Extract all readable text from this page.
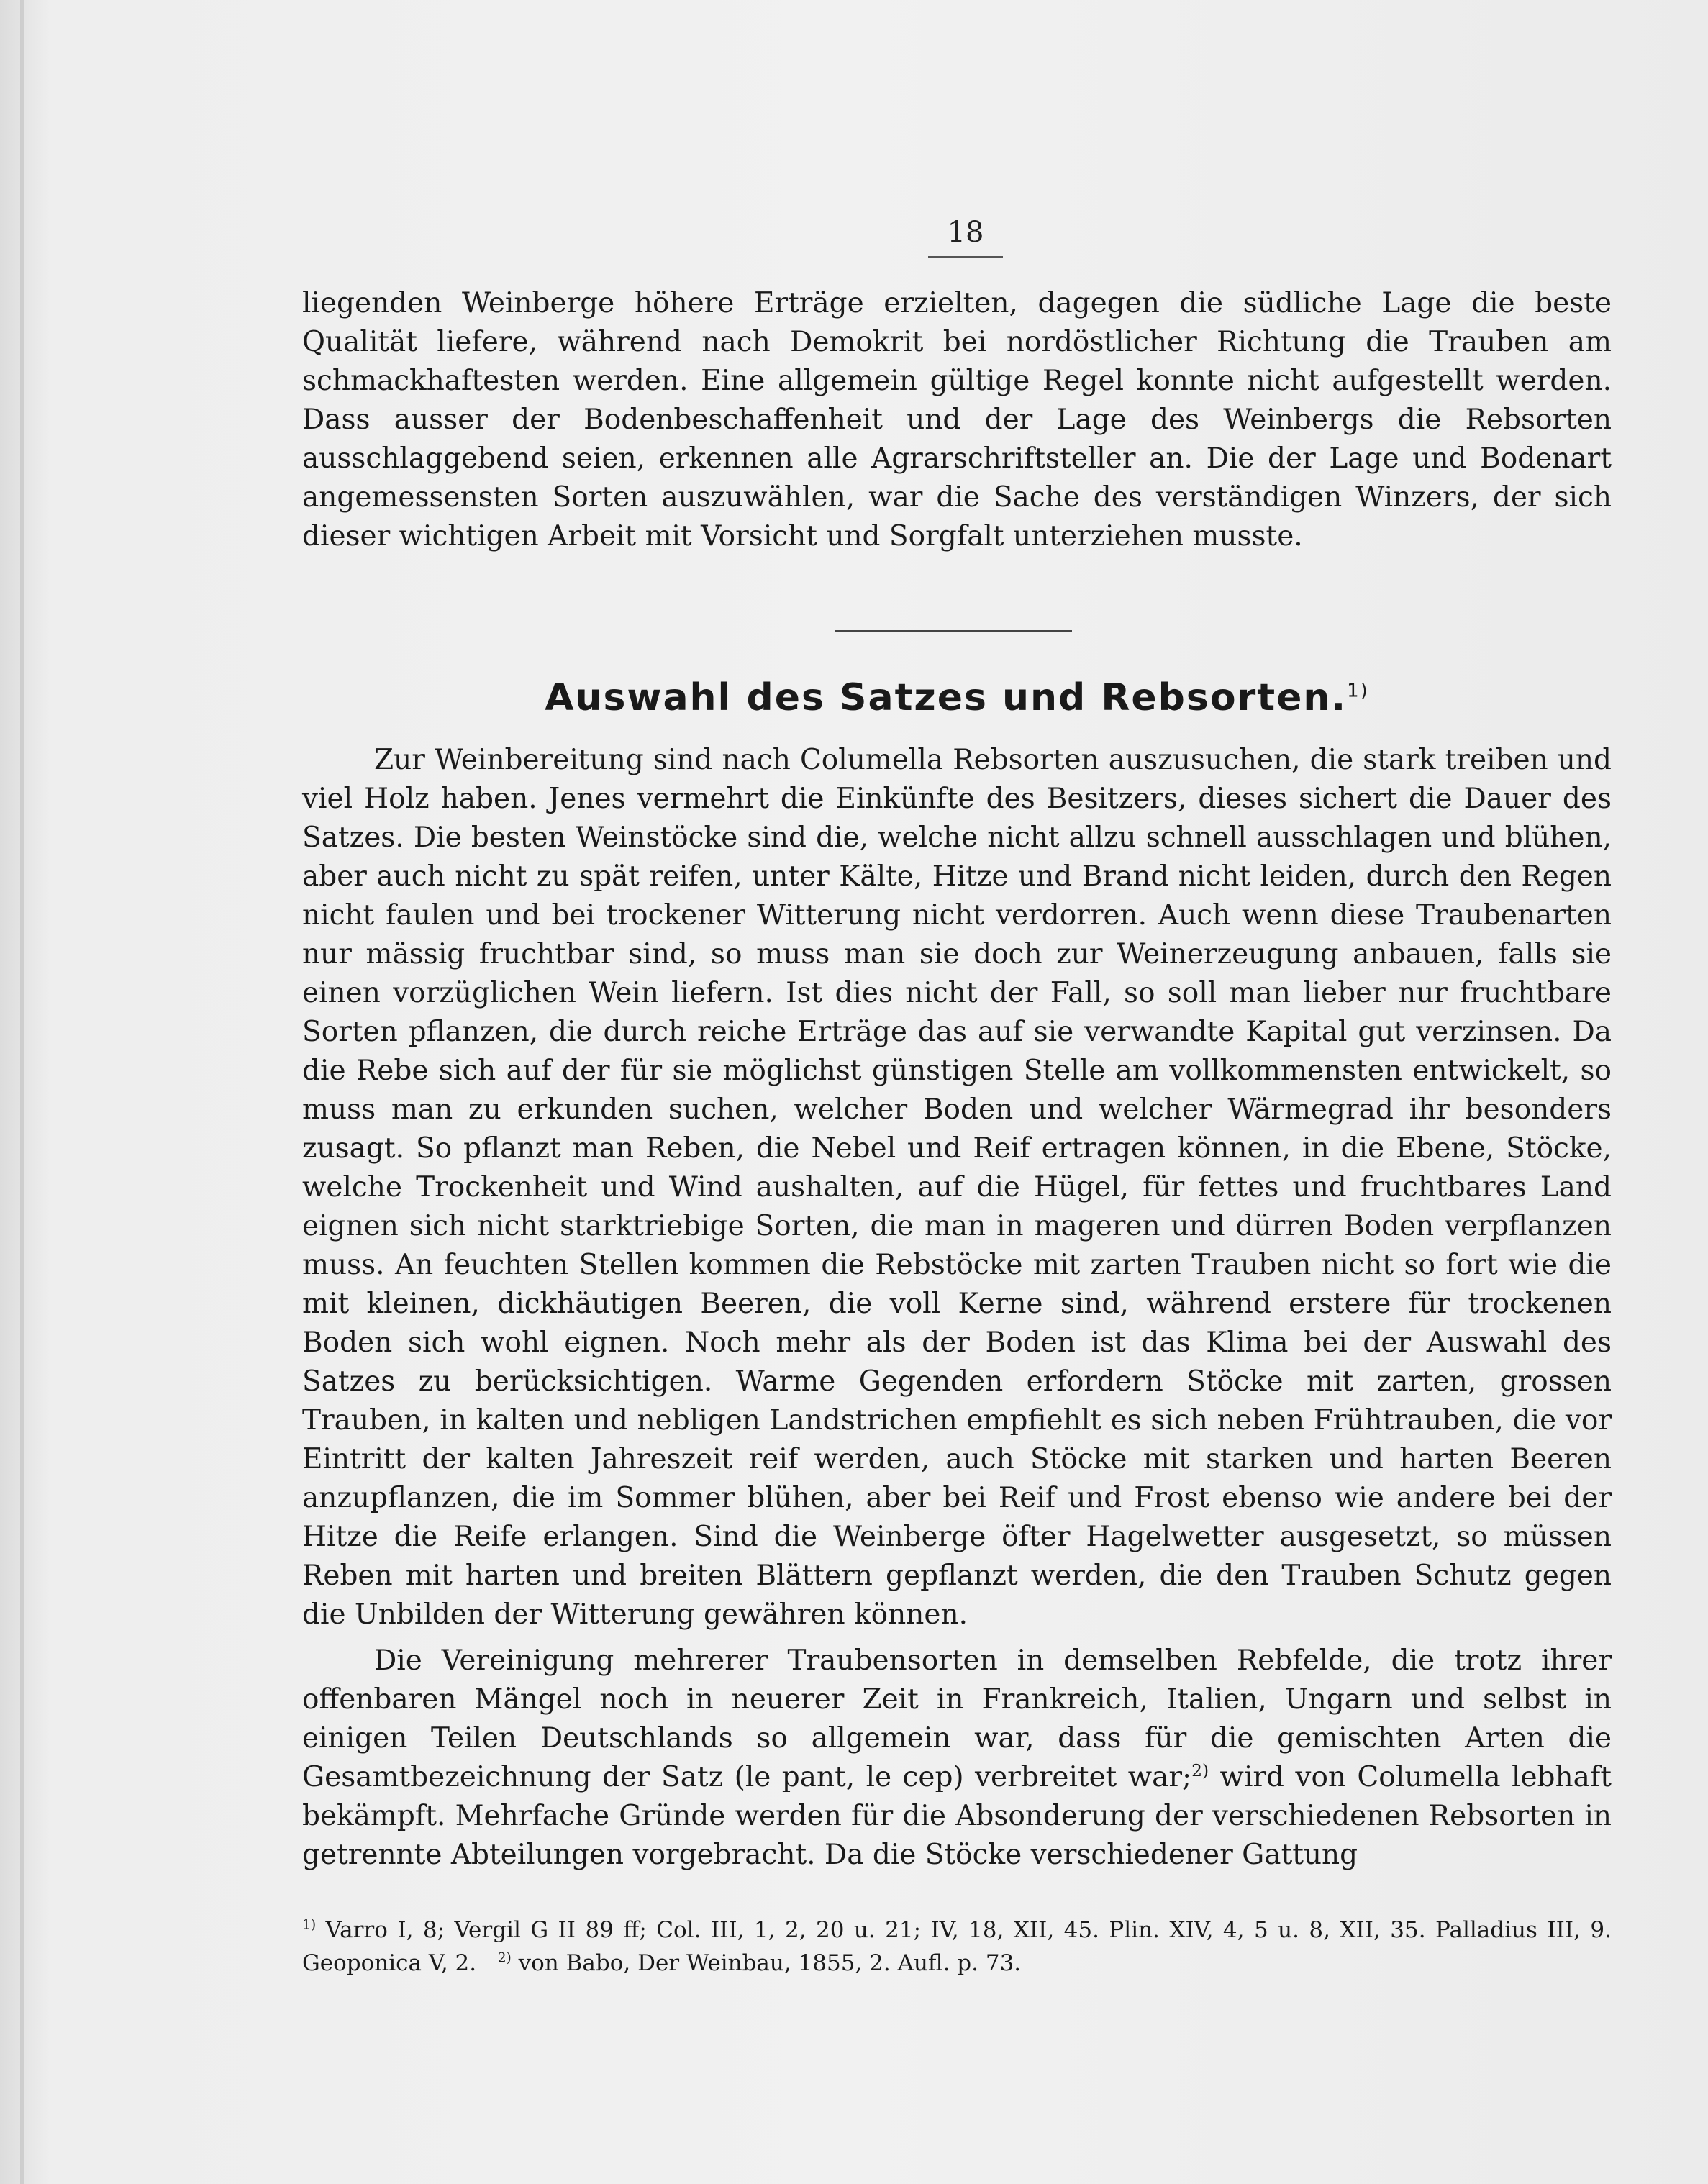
18

liegenden Weinberge höhere Erträge erzielten, dagegen die südliche Lage die beste Qualität liefere, während nach Demokrit bei nordöstlicher Richtung die Trauben am schmackhaftesten werden. Eine allgemein gültige Regel konnte nicht aufgestellt werden. Dass ausser der Bodenbeschaffenheit und der Lage des Weinbergs die Rebsorten ausschlaggebend seien, erkennen alle Agrarschriftsteller an. Die der Lage und Bodenart angemessensten Sorten auszuwählen, war die Sache des verständigen Winzers, der sich dieser wichtigen Arbeit mit Vorsicht und Sorgfalt unterziehen musste.

Auswahl des Satzes und Rebsorten.$^{1)}$

Zur Weinbereitung sind nach Columella Rebsorten auszusuchen, die stark treiben und viel Holz haben. Jenes vermehrt die Einkünfte des Besitzers, dieses sichert die Dauer des Satzes. Die besten Weinstöcke sind die, welche nicht allzu schnell ausschlagen und blühen, aber auch nicht zu spät reifen, unter Kälte, Hitze und Brand nicht leiden, durch den Regen nicht faulen und bei trockener Witterung nicht verdorren. Auch wenn diese Traubenarten nur mässig fruchtbar sind, so muss man sie doch zur Weinerzeugung anbauen, falls sie einen vorzüglichen Wein liefern. Ist dies nicht der Fall, so soll man lieber nur fruchtbare Sorten pflanzen, die durch reiche Erträge das auf sie verwandte Kapital gut verzinsen. Da die Rebe sich auf der für sie möglichst günstigen Stelle am vollkommensten entwickelt, so muss man zu erkunden suchen, welcher Boden und welcher Wärmegrad ihr besonders zusagt. So pflanzt man Reben, die Nebel und Reif ertragen können, in die Ebene, Stöcke, welche Trockenheit und Wind aushalten, auf die Hügel, für fettes und fruchtbares Land eignen sich nicht starktriebige Sorten, die man in mageren und dürren Boden verpflanzen muss. An feuchten Stellen kommen die Rebstöcke mit zarten Trauben nicht so fort wie die mit kleinen, dickhäutigen Beeren, die voll Kerne sind, während erstere für trockenen Boden sich wohl eignen. Noch mehr als der Boden ist das Klima bei der Auswahl des Satzes zu berücksichtigen. Warme Gegenden erfordern Stöcke mit zarten, grossen Trauben, in kalten und nebligen Landstrichen empfiehlt es sich neben Frühtrauben, die vor Eintritt der kalten Jahreszeit reif werden, auch Stöcke mit starken und harten Beeren anzupflanzen, die im Sommer blühen, aber bei Reif und Frost ebenso wie andere bei der Hitze die Reife erlangen. Sind die Weinberge öfter Hagelwetter ausgesetzt, so müssen Reben mit harten und breiten Blättern gepflanzt werden, die den Trauben Schutz gegen die Unbilden der Witterung gewähren können.

Die Vereinigung mehrerer Traubensorten in demselben Rebfelde, die trotz ihrer offenbaren Mängel noch in neuerer Zeit in Frankreich, Italien, Ungarn und selbst in einigen Teilen Deutschlands so allgemein war, dass für die gemischten Arten die Gesamtbezeichnung der Satz (le pant, le cep) verbreitet war;$^{2)}$ wird von Columella lebhaft bekämpft. Mehrfache Gründe werden für die Absonderung der verschiedenen Rebsorten in getrennte Abteilungen vorgebracht. Da die Stöcke verschiedener Gattung

$^{1)}$ Varro I, 8; Vergil G II 89 ff; Col. III, 1, 2, 20 u. 21; IV, 18, XII, 45. Plin. XIV, 4, 5 u. 8, XII, 35. Palladius III, 9. Geoponica V, 2. $^{2)}$ von Babo, Der Weinbau, 1855, 2. Aufl. p. 73.
